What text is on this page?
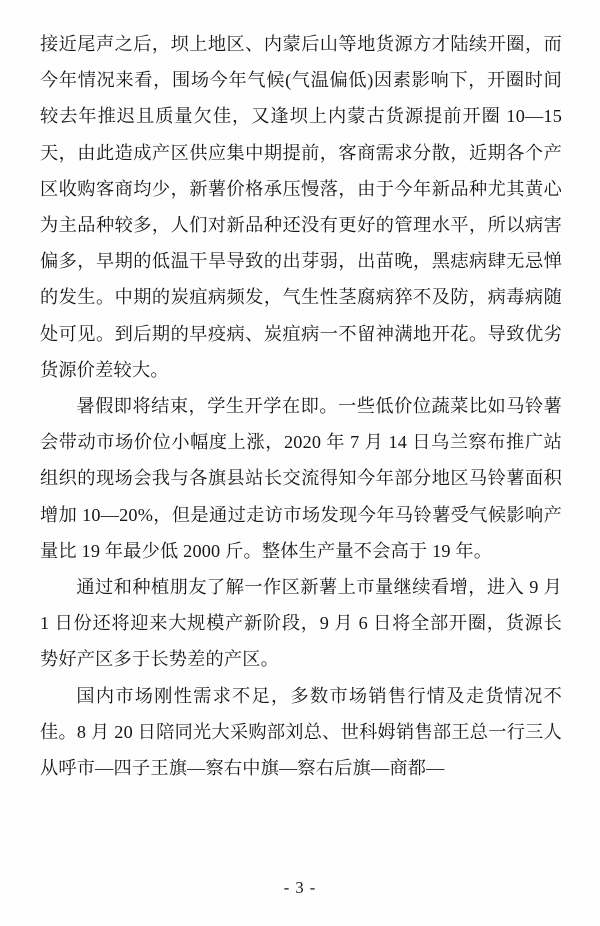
接近尾声之后，坝上地区、内蒙后山等地货源方才陆续开圈，而今年情况来看，围场今年气候(气温偏低)因素影响下，开圈时间较去年推迟且质量欠佳，又逢坝上内蒙古货源提前开圈 10—15 天，由此造成产区供应集中期提前，客商需求分散，近期各个产区收购客商均少，新薯价格承压慢落，由于今年新品种尤其黄心为主品种较多，人们对新品种还没有更好的管理水平，所以病害偏多，早期的低温干旱导致的出芽弱，出苗晚，黑痣病肆无忌惮的发生。中期的炭疽病频发，气生性茎腐病猝不及防，病毒病随处可见。到后期的早疫病、炭疽病一不留神满地开花。导致优劣货源价差较大。

暑假即将结束，学生开学在即。一些低价位蔬菜比如马铃薯会带动市场价位小幅度上涨，2020 年 7 月 14 日乌兰察布推广站组织的现场会我与各旗县站长交流得知今年部分地区马铃薯面积增加 10—20%，但是通过走访市场发现今年马铃薯受气候影响产量比 19 年最少低 2000 斤。整体生产量不会高于 19 年。

通过和种植朋友了解一作区新薯上市量继续看增，进入 9 月 1 日份还将迎来大规模产新阶段，9 月 6 日将全部开圈，货源长势好产区多于长势差的产区。

国内市场刚性需求不足，多数市场销售行情及走货情况不佳。8 月 20 日陪同光大采购部刘总、世科姆销售部王总一行三人从呼市—四子王旗—察右中旗—察右后旗—商都—

- 3 -
